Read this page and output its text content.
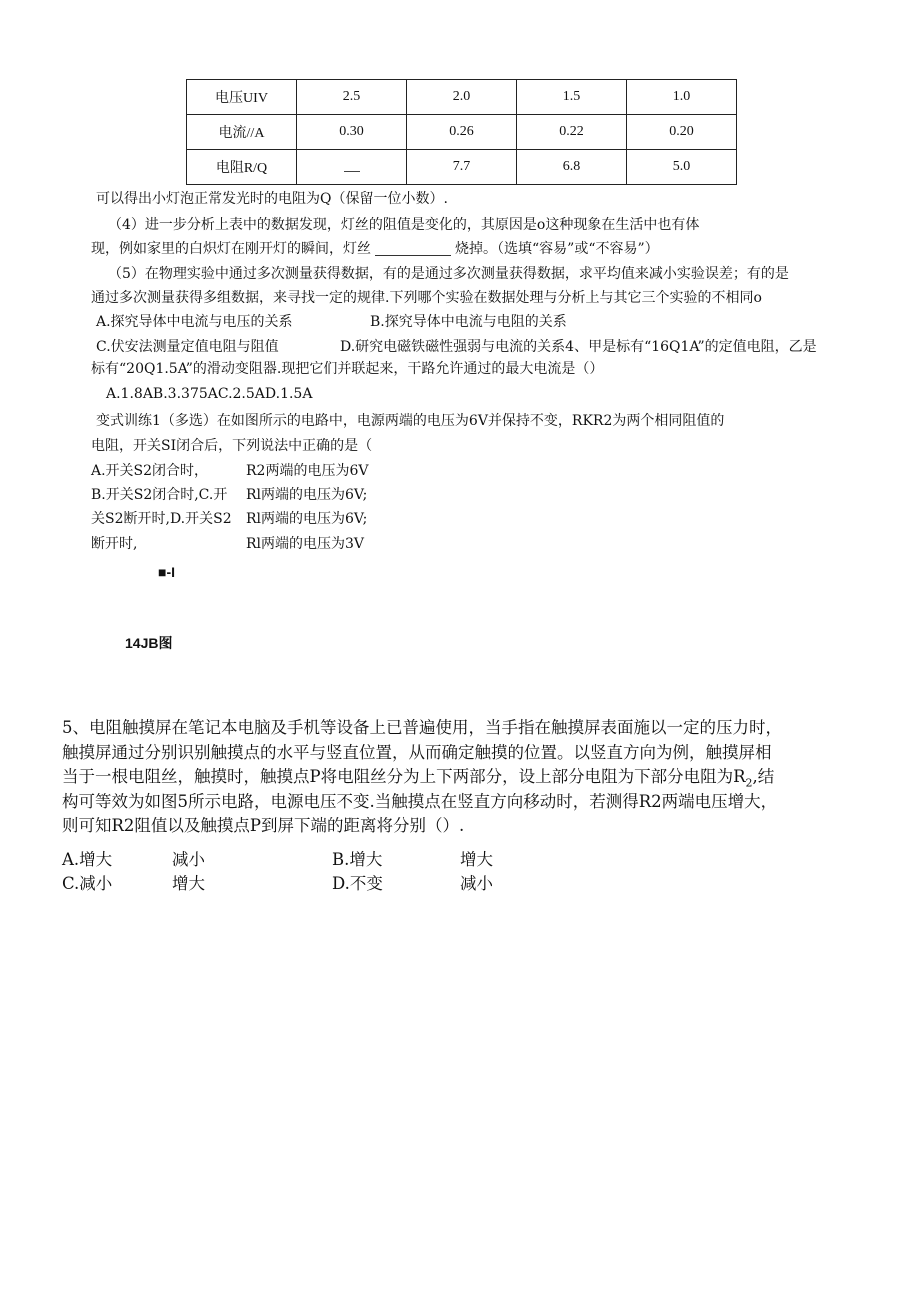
电压UIV	2.5	2.0	1.5	1.0
电流//A	0.30	0.26	0.22	0.20
电阻R/Q		7.7	6.8	5.0
可以得出小灯泡正常发光时的电阻为Q（保留一位小数）.
（4）进一步分析上表中的数据发现，灯丝的阻值是变化的，其原因是o这种现象在生活中也有体
现，例如家里的白炽灯在刚开灯的瞬间，灯丝	烧掉。（选填“容易”或“不容易”）
（5）在物理实验中通过多次测量获得数据，有的是通过多次测量获得数据，求平均值来减小实验误差；有的是
通过多次测量获得多组数据，来寻找一定的规律.下列哪个实验在数据处理与分析上与其它三个实验的不相同o
A.探究导体中电流与电压的关系	B.探究导体中电流与电阻的关系
C.伏安法测量定值电阻与阻值	D.研究电磁铁磁性强弱与电流的关系4、甲是标有“16Q1A”的定值电阻，乙是
标有“20Q1.5A”的滑动变阻器.现把它们并联起来，干路允许通过的最大电流是（）
A.1.8AB.3.375AC.2.5AD.1.5A
变式训练1（多选）在如图所示的电路中，电源两端的电压为6V并保持不变，RKR2为两个相同阻值的
电阻，开关SI闭合后，下列说法中正确的是（
A.开关S2闭合时，	R2两端的电压为6V
B.开关S2闭合时,C.开 Rl两端的电压为6V;
关S2断开时,D.开关S2 Rl两端的电压为6V;
断开时,	Rl两端的电压为3V
■-I
14JB图
5、电阻触摸屏在笔记本电脑及手机等设备上已普遍使用，当手指在触摸屏表面施以一定的压力时，
触摸屏通过分别识别触摸点的水平与竖直位置，从而确定触摸的位置。以竖直方向为例，触摸屏相
当于一根电阻丝，触摸时，触摸点P将电阻丝分为上下两部分，设上部分电阻为下部分电阻为$R_2$,结
构可等效为如图5所示电路，电源电压不变.当触摸点在竖直方向移动时，若测得R2两端电压增大，
则可知R2阻值以及触摸点P到屏下端的距离将分别（）.
A.增大	减小	B.增大	增大
C.减小	增大	D.不变	减小
